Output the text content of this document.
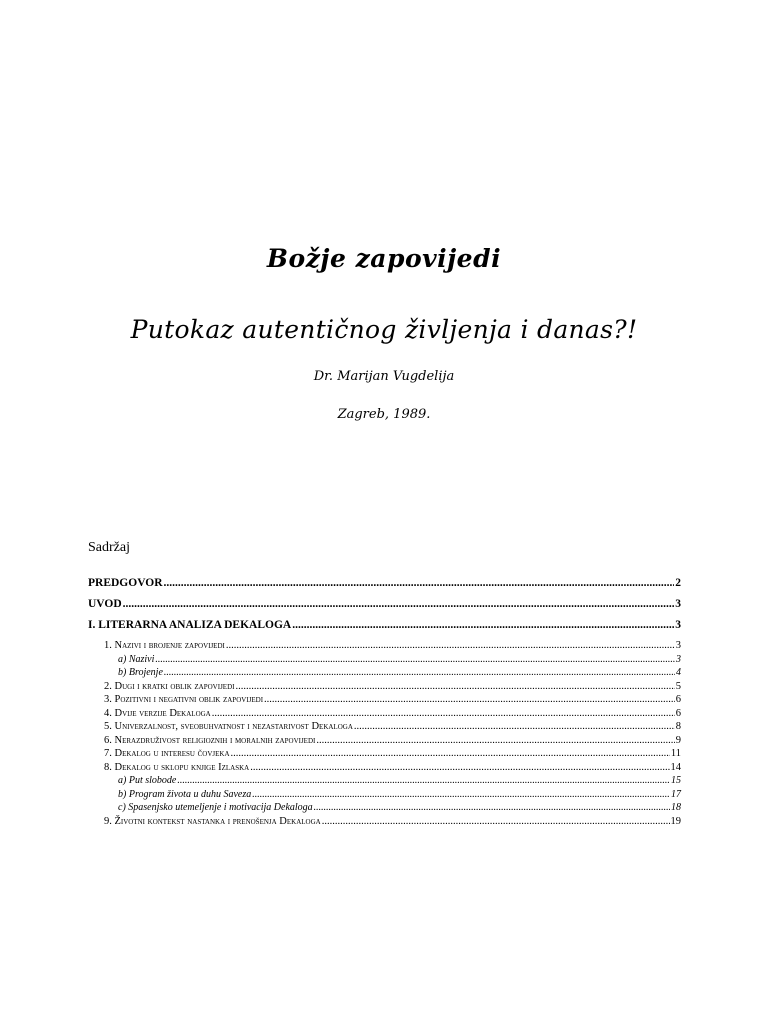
Božje zapovijedi
Putokaz autentičnog življenja i danas?!
Dr. Marijan Vugdelija
Zagreb, 1989.
Sadržaj
PREDGOVOR .....	2
UVOD .....	3
I. LITERARNA ANALIZA DEKALOGA .....	3
1. Nazivi i brojenje zapovijedi .....	3
a) Nazivi .....	3
b) Brojenje .....	4
2. Dugi i kratki oblik zapovijedi .....	5
3. Pozitivni i negativni oblik zapovijedi .....	6
4. Dvije verzije Dekaloga .....	6
5. Univerzalnost, sveobuhvatnost i nezastarivost Dekaloga .....	8
6. Nerazdruživost religioznih i moralnih zapovijedi .....	9
7. Dekalog u interesu čovjeka .....	11
8. Dekalog u sklopu knjige Izlaska .....	14
a) Put slobode .....	15
b) Program života u duhu Saveza .....	17
c) Spasenjsko utemeljenje i motivacija Dekaloga .....	18
9. Životni kontekst nastanka i prenošenja Dekaloga .....	19
